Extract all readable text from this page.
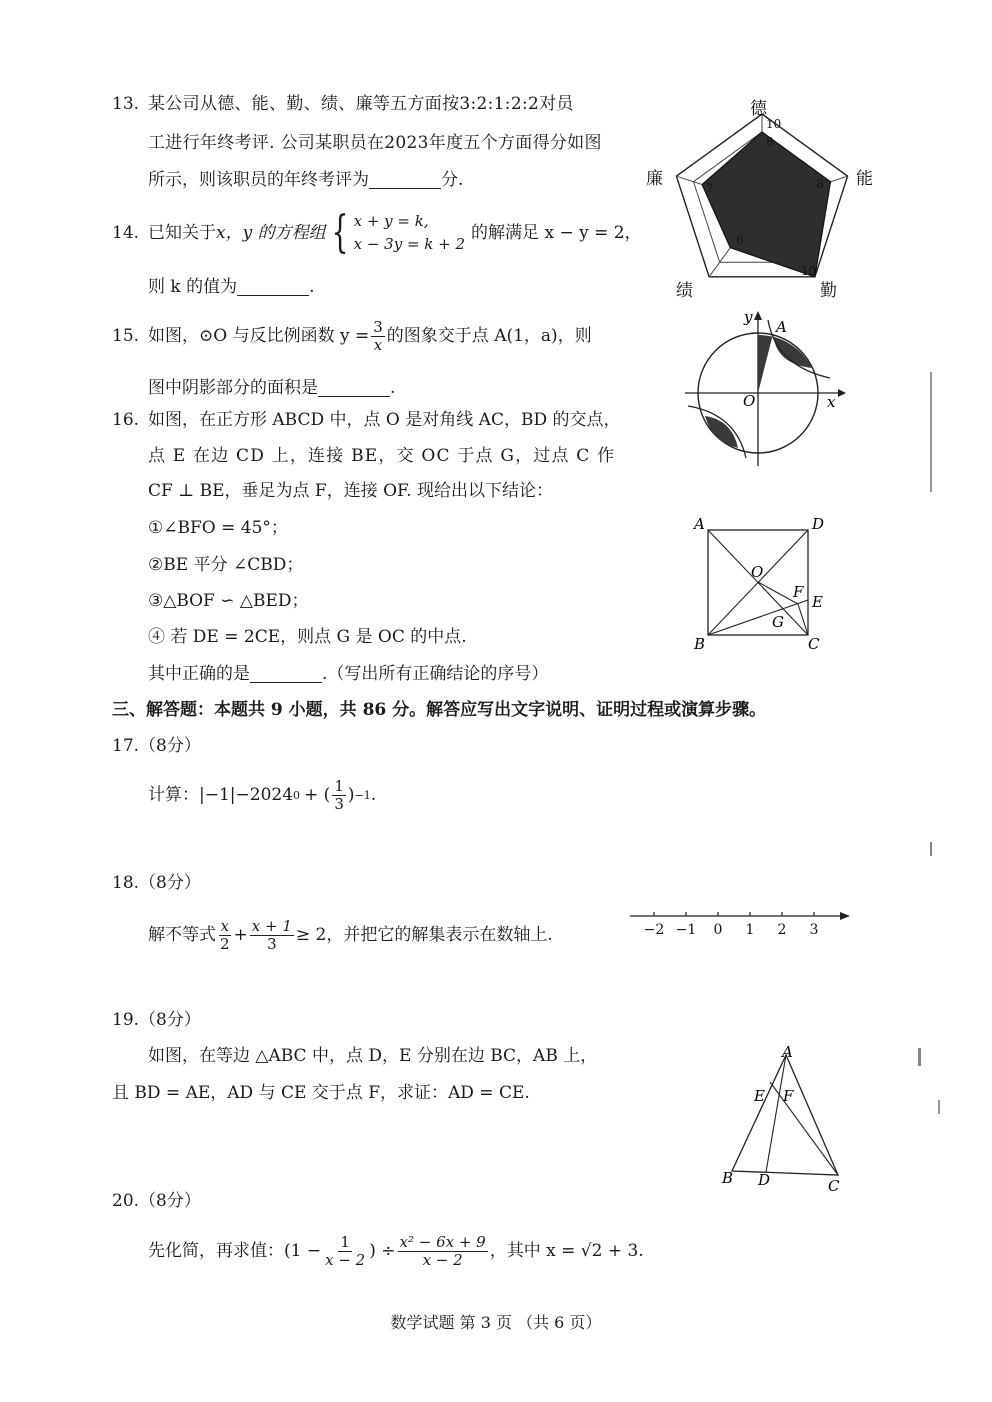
13. 某公司从德、能、勤、绩、廉等五方面按3:2:1:2:2对员
工进行年终考评. 公司某职员在2023年度五个方面得分如图
所示，则该职员的年终考评为	分.
德
能
勤
绩
廉
10
8
8
10
6
7
14. 已知关于 x，y 的方程组 { x + y = k,
x − 3y = k + 2
的解满足 x − y = 2，
则 k 的值为	.
15. 如图，⊙O 与反比例函数 $y = \frac{3}{x}$ 的图象交于点 A(1，a)，则
图中阴影部分的面积是	.
y
A
O	x
16. 如图，在正方形 ABCD 中，点 O 是对角线 AC，BD 的交点，
点 E 在边 CD 上，连接 BE，交 OC 于点 G，过点 C 作
CF ⊥ BE，垂足为点 F，连接 OF. 现给出以下结论：
①∠BFO = 45°；
②BE 平分 ∠CBD；
③△BOF ∽ △BED；
④ 若 DE = 2CE，则点 G 是 OC 的中点.
其中正确的是	.（写出所有正确结论的序号）
A	D
O
F
E
G
B	C
三、解答题：本题共 9 小题，共 86 分。解答应写出文字说明、证明过程或演算步骤。
17.（8分）
计算：|−1|−2024 0 + ( $\frac{1}{3}$ ) −1 .
18.（8分）
解不等式 $\frac{x}{2} + \frac{x + 1}{3} \ge 2$，并把它的解集表示在数轴上.	−2 −1 0 1 2 3
19.（8分）
如图，在等边 △ABC 中，点 D，E 分别在边 BC，AB 上，
且 BD = AE，AD 与 CE 交于点 F，求证：AD = CE.
A
E F
B D	C
20.（8分）
先化简，再求值：($1 - \frac{1}{x - 2}$ ) ÷ $\frac{\text{x² − 6x + 9}}{x - 2}$ ，其中 x = √2 + 3.
数学试题 第 3 页 （共 6 页）
